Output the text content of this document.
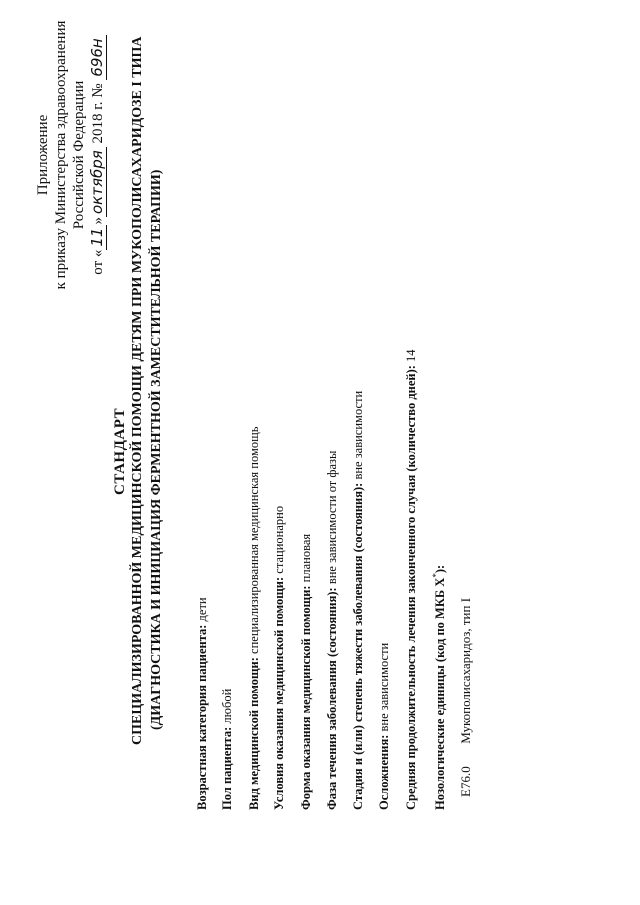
Приложение к приказу Министерства здравоохранения Российской Федерации
от «11»октября 2018 г. № 696н
СТАНДАРТ СПЕЦИАЛИЗИРОВАННОЙ МЕДИЦИНСКОЙ ПОМОЩИ ДЕТЯМ ПРИ МУКОПОЛИСАХАРИДОЗЕ I ТИПА (ДИАГНОСТИКА И ИНИЦИАЦИЯ ФЕРМЕНТНОЙ ЗАМЕСТИТЕЛЬНОЙ ТЕРАПИИ) Возрастная категория пациента: дети
Пол пациента: любой Вид медицинской помощи: специализированная медицинская помощь
Условия оказания медицинской помощи: стационарно
Форма оказания медицинской помощи: плановая
Фаза течения заболевания (состояния): вне зависимости от фазы Стадия и (или) степень тяжести заболевания (состояния): вне зависимости
Осложнения: вне зависимости Средняя продолжительность лечения законченного случая (количество дней): 14
Нозологические единицы (код по МКБ X*):
E76.0 Мукополисахаридоз, тип I
